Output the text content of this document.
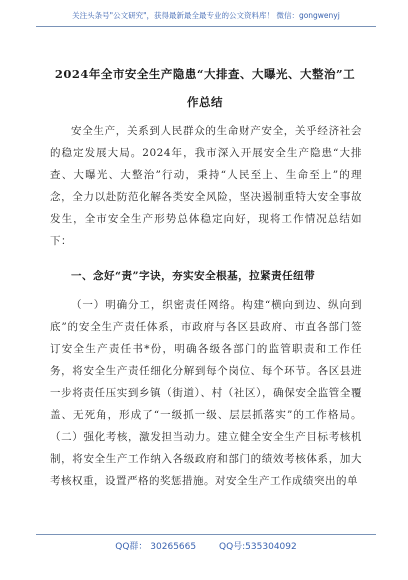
关注头条号"公文研究"，获得最新最全最专业的公文资料库！ 微信：gongwenyj
2024年全市安全生产隐患“大排查、大曝光、大整治”工
作总结
安全生产，关系到人民群众的生命财产安全，关乎经济社会的稳定发展大局。2024年，我市深入开展安全生产隐患“大排查、大曝光、大整治”行动，秉持“人民至上、生命至上”的理念，全力以赴防范化解各类安全风险，坚决遏制重特大安全事故发生，全市安全生产形势总体稳定向好，现将工作情况总结如下：
一、念好“责”字诀，夯实安全根基，拉紧责任纽带
（一）明确分工，织密责任网络。构建“横向到边、纵向到底”的安全生产责任体系，市政府与各区县政府、市直各部门签订安全生产责任书*份，明确各级各部门的监管职责和工作任务，将安全生产责任细化分解到每个岗位、每个环节。各区县进一步将责任压实到乡镇（街道）、村（社区），确保安全监管全覆盖、无死角，形成了“一级抓一级、层层抓落实”的工作格局。（二）强化考核，激发担当动力。建立健全安全生产目标考核机制，将安全生产工作纳入各级政府和部门的绩效考核体系，加大考核权重，设置严格的奖惩措施。对安全生产工作成绩突出的单
QQ群： 30265665	QQ号:535304092
